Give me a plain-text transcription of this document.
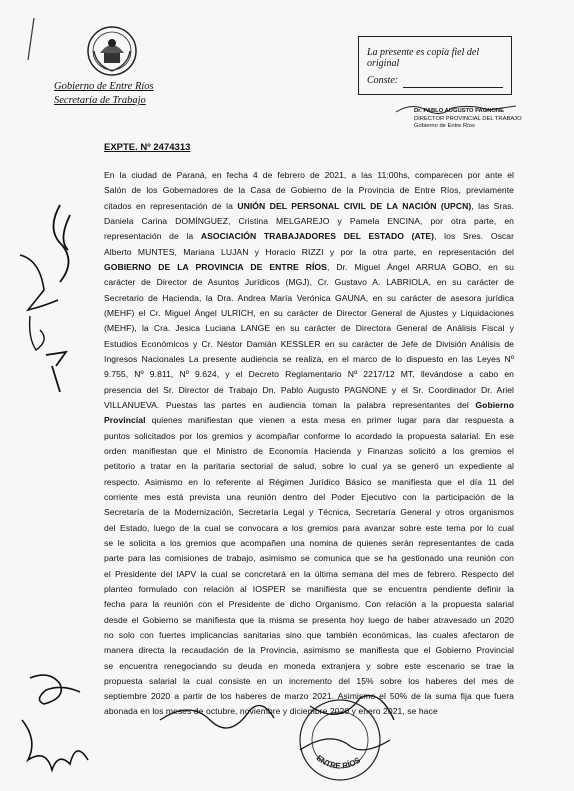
Gobierno de Entre Ríos
Secretaría de Trabajo
La presente es copia fiel del original
Conste:
Dr. PABLO AUGUSTO PAGNONE
DIRECTOR PROVINCIAL DEL TRABAJO
Gobierno de Entre Ríos
EXPTE. Nº 2474313
En la ciudad de Paraná, en fecha 4 de febrero de 2021, a las 11:00hs, comparecen por ante el
Salón de los Gobernadores de la Casa de Gobierno de la Provincia de Entre Ríos, previamente
citados en representación de la UNIÓN DEL PERSONAL CIVIL DE LA NACIÓN (UPCN), las Sras.
Daniela Carina DOMÍNGUEZ, Cristina MELGAREJO y Pamela ENCINA, por otra parte, en
representación de la ASOCIACIÓN TRABAJADORES DEL ESTADO (ATE), los Sres. Oscar
Alberto MUNTES, Mariana LUJAN y Horacio RIZZI y por la otra parte, en representación del
GOBIERNO DE LA PROVINCIA DE ENTRE RÍOS, Dr. Miguel Ángel ARRUA GOBO, en su
carácter de Director de Asuntos Jurídicos (MGJ), Cr. Gustavo A. LABRIOLA, en su carácter de
Secretario de Hacienda, la Dra. Andrea María Verónica GAUNA, en su carácter de asesora jurídica
(MEHF) el Cr. Miguel Ángel ULRICH, en su carácter de Director General de Ajustes y Liquidaciones
(MEHF), la Cra. Jesica Luciana LANGE en su carácter de Directora General de Análisis Fiscal y
Estudios Económicos y Cr. Néstor Damián KESSLER en su carácter de Jefe de División Análisis de
Ingresos Nacionales La presente audiencia se realiza, en el marco de lo dispuesto en las Leyes Nº
9.755, Nº 9.811, Nº 9.624, y el Decreto Reglamentario Nº 2217/12 MT, llevándose a cabo en
presencia del Sr. Director de Trabajo Dn. Pablo Augusto PAGNONE y el Sr. Coordinador Dr. Ariel
VILLANUEVA. Puestas las partes en audiencia toman la palabra representantes del Gobierno
Provincial quienes manifiestan que vienen a esta mesa en primer lugar para dar respuesta a
puntos solicitados por los gremios y acompañar conforme lo acordado la propuesta salarial. En ese
orden manifiestan que el Ministro de Economía Hacienda y Finanzas solicitó a los gremios el
petitorio a tratar en la paritaria sectorial de salud, sobre lo cual ya se generó un expediente al
respecto. Asimismo en lo referente al Régimen Jurídico Básico se manifiesta que el día 11 del
corriente mes está prevista una reunión dentro del Poder Ejecutivo con la participación de la
Secretaría de la Modernización, Secretaría Legal y Técnica, Secretaría General y otros organismos
del Estado, luego de la cual se convocara a los gremios para avanzar sobre este tema por lo cual
se le solicita a los gremios que acompañen una nomina de quienes serán representantes de cada
parte para las comisiones de trabajo, asimismo se comunica que se ha gestionado una reunión con
el Presidente del IAPV la cual se concretará en la última semana del mes de febrero. Respecto del
planteo formulado con relación al IOSPER se manifiesta que se encuentra pendiente definir la
fecha para la reunión con el Presidente de dicho Organismo. Con relación a la propuesta salarial
desde el Gobierno se manifiesta que la misma se presenta hoy luego de haber atravesado un 2020
no solo con fuertes implicancias sanitarias sino que también económicas, las cuales afectaron de
manera directa la recaudación de la Provincia, asimismo se manifiesta que el Gobierno Provincial
se encuentra renegociando su deuda en moneda extranjera y sobre este escenario se trae la
propuesta salarial la cual consiste en un incremento del 15% sobre los haberes del mes de
septiembre 2020 a partir de los haberes de marzo 2021. Asimismo el 50% de la suma fija que fuera
abonada en los meses de octubre, noviembre y diciembre 2020 y enero 2021, se hace
ENTRE RÍOS
